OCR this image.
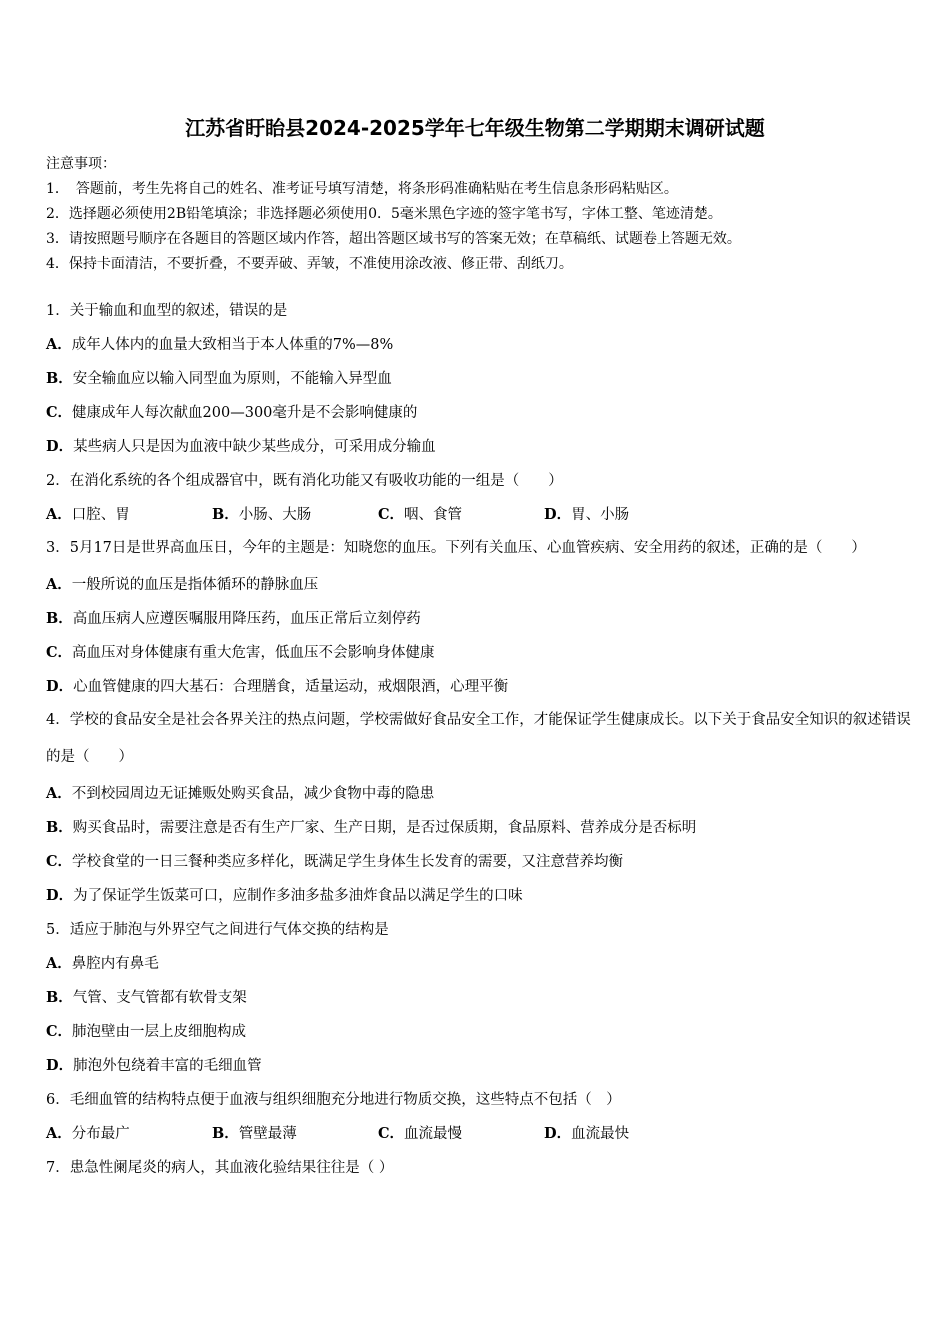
江苏省盱眙县2024-2025学年七年级生物第二学期期末调研试题
注意事项：
1．　答题前，考生先将自己的姓名、准考证号填写清楚，将条形码准确粘贴在考生信息条形码粘贴区。
2．选择题必须使用2B铅笔填涂；非选择题必须使用0．5毫米黑色字迹的签字笔书写，字体工整、笔迹清楚。
3．请按照题号顺序在各题目的答题区域内作答，超出答题区域书写的答案无效；在草稿纸、试题卷上答题无效。
4．保持卡面清洁，不要折叠，不要弄破、弄皱，不准使用涂改液、修正带、刮纸刀。
1．关于输血和血型的叙述，错误的是
A．成年人体内的血量大致相当于本人体重的7%—8%
B．安全输血应以输入同型血为原则，不能输入异型血
C．健康成年人每次献血200—300毫升是不会影响健康的
D．某些病人只是因为血液中缺少某些成分，可采用成分输血
2．在消化系统的各个组成器官中，既有消化功能又有吸收功能的一组是（　　）
A．口腔、胃	B．小肠、大肠	C．咽、食管	D．胃、小肠
3．5月17日是世界高血压日，今年的主题是：知晓您的血压。下列有关血压、心血管疾病、安全用药的叙述，正确的是（　　）
A．一般所说的血压是指体循环的静脉血压
B．高血压病人应遵医嘱服用降压药，血压正常后立刻停药
C．高血压对身体健康有重大危害，低血压不会影响身体健康
D．心血管健康的四大基石：合理膳食，适量运动，戒烟限酒，心理平衡
4．学校的食品安全是社会各界关注的热点问题，学校需做好食品安全工作，才能保证学生健康成长。以下关于食品安全知识的叙述错误的是（　　）
A．不到校园周边无证摊贩处购买食品，减少食物中毒的隐患
B．购买食品时，需要注意是否有生产厂家、生产日期，是否过保质期，食品原料、营养成分是否标明
C．学校食堂的一日三餐种类应多样化，既满足学生身体生长发育的需要，又注意营养均衡
D．为了保证学生饭菜可口，应制作多油多盐多油炸食品以满足学生的口味
5．适应于肺泡与外界空气之间进行气体交换的结构是
A．鼻腔内有鼻毛
B．气管、支气管都有软骨支架
C．肺泡壁由一层上皮细胞构成
D．肺泡外包绕着丰富的毛细血管
6．毛细血管的结构特点便于血液与组织细胞充分地进行物质交换，这些特点不包括（　）
A．分布最广	B．管壁最薄	C．血流最慢	D．血流最快
7．患急性阑尾炎的病人，其血液化验结果往往是（ ）
